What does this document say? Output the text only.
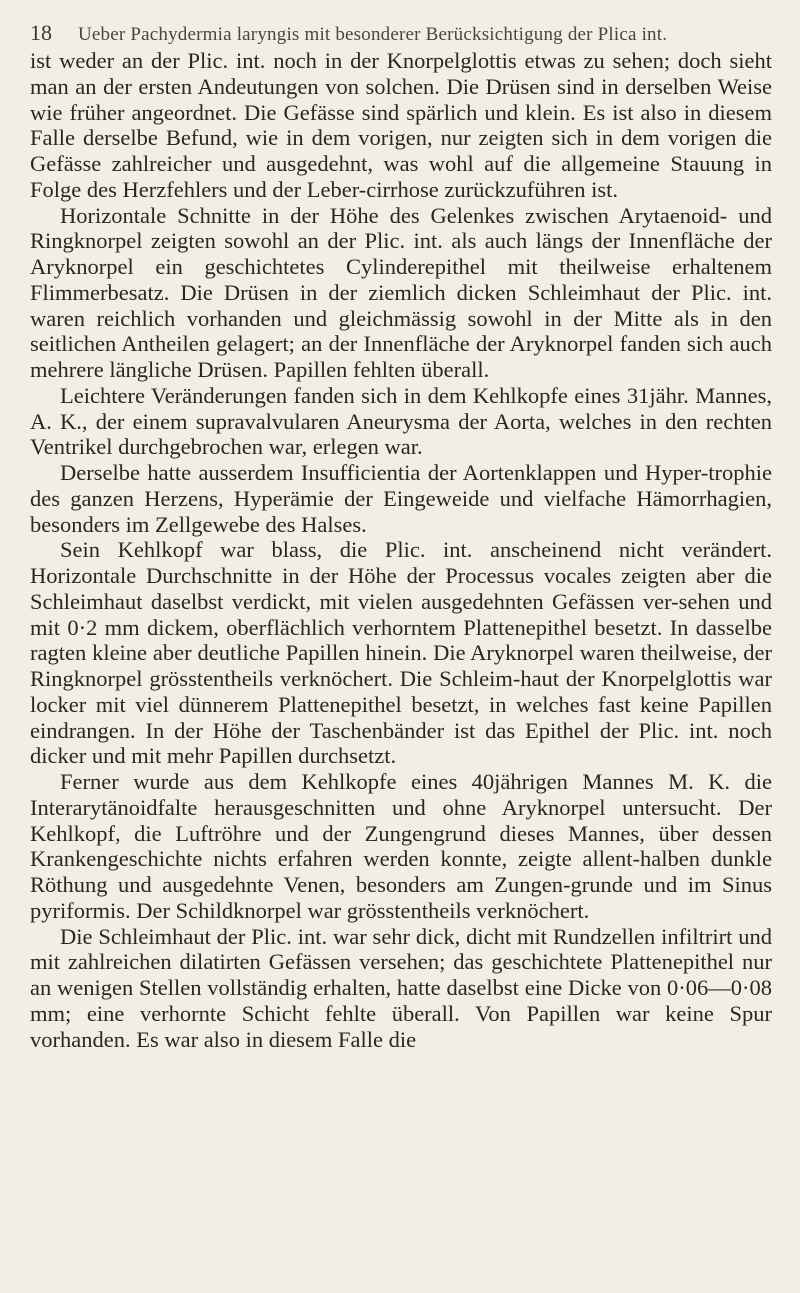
18 Ueber Pachydermia laryngis mit besonderer Berücksichtigung der Plica int.

ist weder an der Plic. int. noch in der Knorpelglottis etwas zu sehen; doch sieht man an der ersten Andeutungen von solchen. Die Drüsen sind in derselben Weise wie früher angeordnet. Die Gefässe sind spärlich und klein. Es ist also in diesem Falle derselbe Befund, wie in dem vorigen, nur zeigten sich in dem vorigen die Gefässe zahlreicher und ausgedehnt, was wohl auf die allgemeine Stauung in Folge des Herzfehlers und der Leber-cirrhose zurückzuführen ist.

Horizontale Schnitte in der Höhe des Gelenkes zwischen Arytaenoid- und Ringknorpel zeigten sowohl an der Plic. int. als auch längs der Innenfläche der Aryknorpel ein geschichtetes Cylinderepithel mit theilweise erhaltenem Flimmerbesatz. Die Drüsen in der ziemlich dicken Schleimhaut der Plic. int. waren reichlich vorhanden und gleichmässig sowohl in der Mitte als in den seitlichen Antheilen gelagert; an der Innenfläche der Aryknorpel fanden sich auch mehrere längliche Drüsen. Papillen fehlten überall.

Leichtere Veränderungen fanden sich in dem Kehlkopfe eines 31jähr. Mannes, A. K., der einem supravalvularen Aneurysma der Aorta, welches in den rechten Ventrikel durchgebrochen war, erlegen war.

Derselbe hatte ausserdem Insufficientia der Aortenklappen und Hyper-trophie des ganzen Herzens, Hyperämie der Eingeweide und vielfache Hämorrhagien, besonders im Zellgewebe des Halses.

Sein Kehlkopf war blass, die Plic. int. anscheinend nicht verändert. Horizontale Durchschnitte in der Höhe der Processus vocales zeigten aber die Schleimhaut daselbst verdickt, mit vielen ausgedehnten Gefässen ver-sehen und mit 0·2 mm dickem, oberflächlich verhorntem Plattenepithel besetzt. In dasselbe ragten kleine aber deutliche Papillen hinein. Die Aryknorpel waren theilweise, der Ringknorpel grösstentheils verknöchert. Die Schleim-haut der Knorpelglottis war locker mit viel dünnerem Plattenepithel besetzt, in welches fast keine Papillen eindrangen. In der Höhe der Taschenbänder ist das Epithel der Plic. int. noch dicker und mit mehr Papillen durchsetzt.

Ferner wurde aus dem Kehlkopfe eines 40jährigen Mannes M. K. die Interarytänoidfalte herausgeschnitten und ohne Aryknorpel untersucht. Der Kehlkopf, die Luftröhre und der Zungengrund dieses Mannes, über dessen Krankengeschichte nichts erfahren werden konnte, zeigte allent-halben dunkle Röthung und ausgedehnte Venen, besonders am Zungen-grunde und im Sinus pyriformis. Der Schildknorpel war grösstentheils verknöchert.

Die Schleimhaut der Plic. int. war sehr dick, dicht mit Rundzellen infiltrirt und mit zahlreichen dilatirten Gefässen versehen; das geschichtete Plattenepithel nur an wenigen Stellen vollständig erhalten, hatte daselbst eine Dicke von 0·06—0·08 mm; eine verhornte Schicht fehlte überall. Von Papillen war keine Spur vorhanden. Es war also in diesem Falle die
